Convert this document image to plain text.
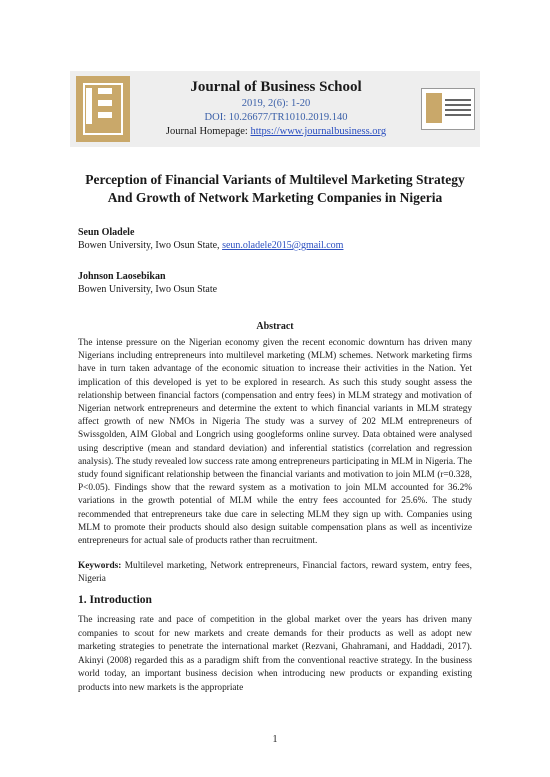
Journal of Business School
2019, 2(6): 1-20
DOI: 10.26677/TR1010.2019.140
Journal Homepage: https://www.journalbusiness.org
Perception of Financial Variants of Multilevel Marketing Strategy
And Growth of Network Marketing Companies in Nigeria
Seun Oladele
Bowen University, Iwo Osun State, seun.oladele2015@gmail.com
Johnson Laosebikan
Bowen University, Iwo Osun State
Abstract
The intense pressure on the Nigerian economy given the recent economic downturn has driven many Nigerians including entrepreneurs into multilevel marketing (MLM) schemes. Network marketing firms have in turn taken advantage of the economic situation to increase their activities in the Nation. Yet implication of this developed is yet to be explored in research. As such this study sought assess the relationship between financial factors (compensation and entry fees) in MLM strategy and motivation of Nigerian network entrepreneurs and determine the extent to which financial variants in MLM strategy affect growth of new NMOs in Nigeria The study was a survey of 202 MLM entrepreneurs of Swissgolden, AIM Global and Longrich using googleforms online survey. Data obtained were analysed using descriptive (mean and standard deviation) and inferential statistics (correlation and regression analysis). The study revealed low success rate among entrepreneurs participating in MLM in Nigeria. The study found significant relationship between the financial variants and motivation to join MLM (r=0.328, P<0.05). Findings show that the reward system as a motivation to join MLM accounted for 36.2% variations in the growth potential of MLM while the entry fees accounted for 25.6%. The study recommended that entrepreneurs take due care in selecting MLM they sign up with. Companies using MLM to promote their products should also design suitable compensation plans as well as incentivize entrepreneurs for actual sale of products rather than recruitment.
Keywords: Multilevel marketing, Network entrepreneurs, Financial factors, reward system, entry fees, Nigeria
1. Introduction
The increasing rate and pace of competition in the global market over the years has driven many companies to scout for new markets and create demands for their products as well as adopt new marketing strategies to penetrate the international market (Rezvani, Ghahramani, and Haddadi, 2017). Akinyi (2008) regarded this as a paradigm shift from the conventional reactive strategy. In the business world today, an important business decision when introducing new products or expanding existing products into new markets is the appropriate
1
